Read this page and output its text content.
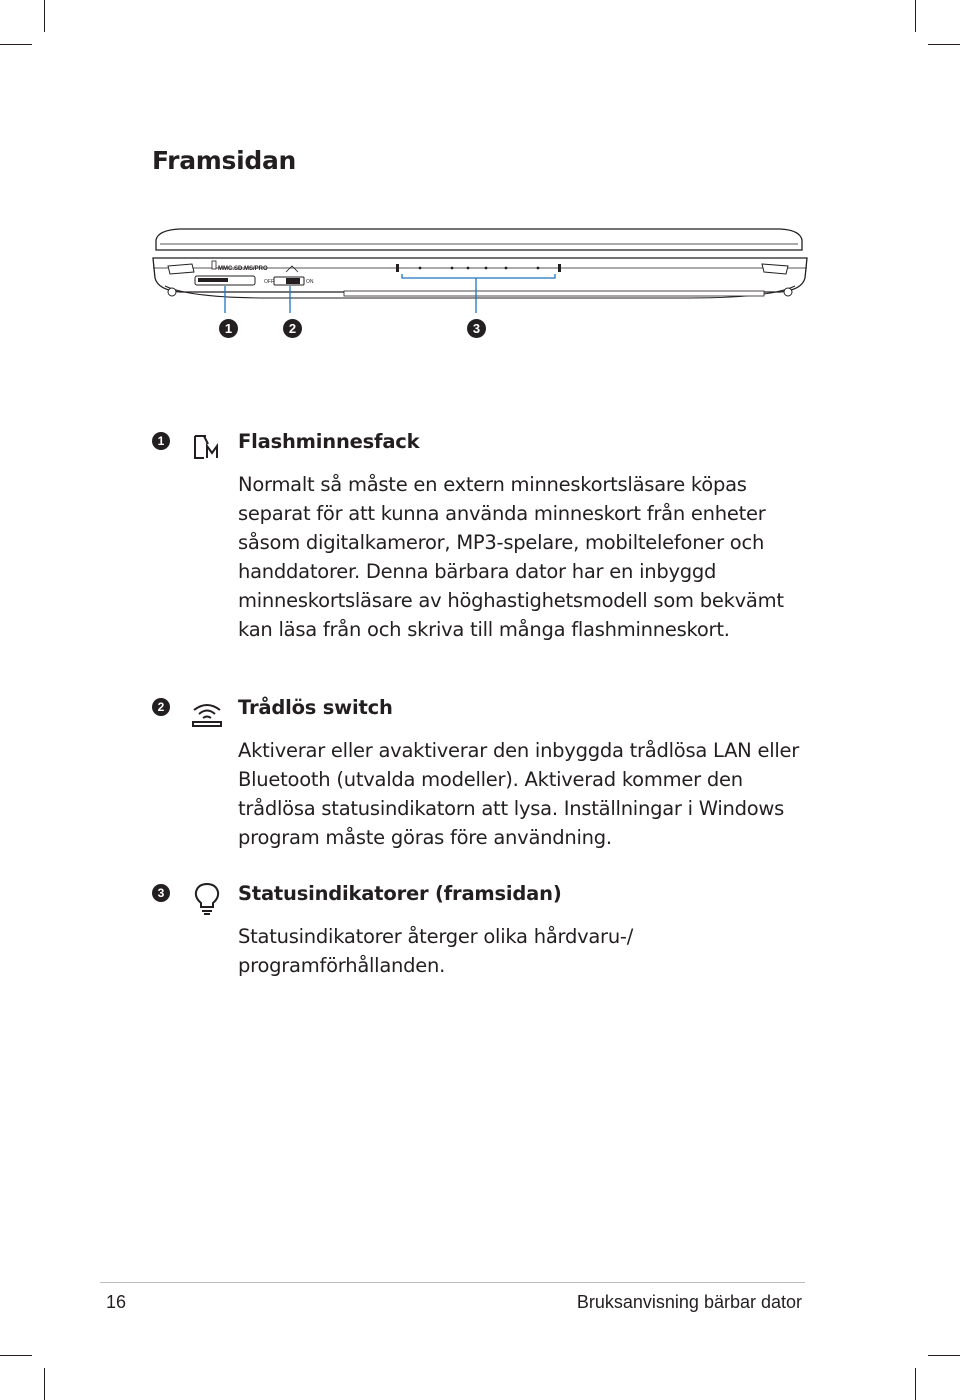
Framsidan
MMC.SD.MS/PRO
OFF	ON
1	2	3
1	Flashminnesfack
Normalt så måste en extern minneskortsläsare köpas separat för att kunna använda minneskort från enheter såsom digitalkameror, MP3-spelare, mobiltelefoner och handdatorer. Denna bärbara dator har en inbyggd minneskortsläsare av höghastighetsmodell som bekvämt kan läsa från och skriva till många flashminneskort.
2	Trådlös switch
Aktiverar eller avaktiverar den inbyggda trådlösa LAN eller Bluetooth (utvalda modeller). Aktiverad kommer den trådlösa statusindikatorn att lysa. Inställningar i Windows program måste göras före användning.
3	Statusindikatorer (framsidan)
Statusindikatorer återger olika hårdvaru-/ programförhållanden.
16	Bruksanvisning bärbar dator
